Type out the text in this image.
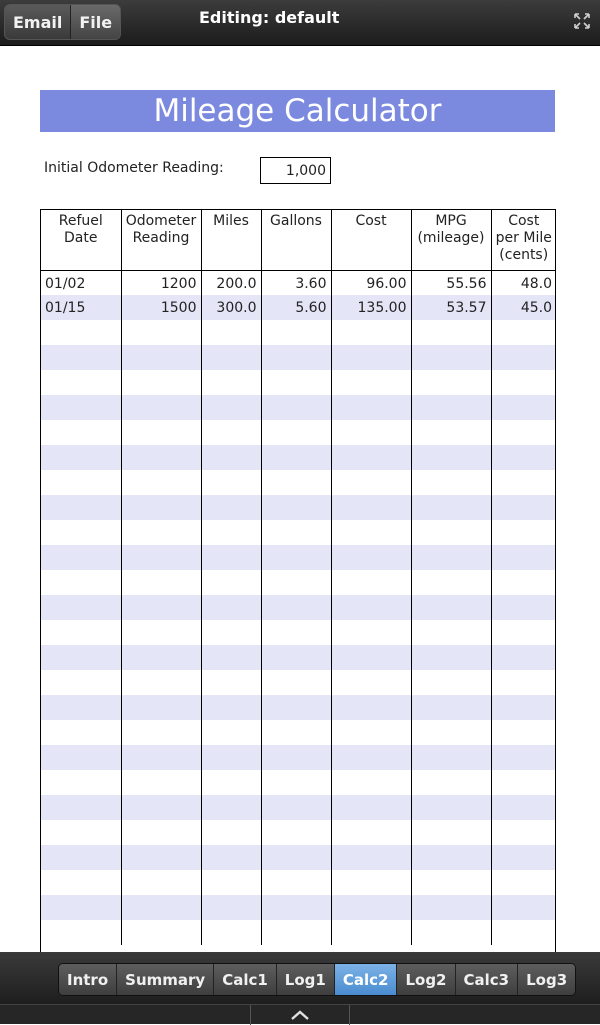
Email	File	Editing: default
Mileage Calculator
Initial Odometer Reading:
1,000
Refuel Date	Odometer Reading	Miles	Gallons	Cost	MPG (mileage)	Cost per Mile (cents)
01/02	1200	200.0	3.60	96.00	55.56	48.0
01/15	1500	300.0	5.60	135.00	53.57	45.0

Intro	Summary	Calc1	Log1	Calc2	Log2	Calc3	Log3
